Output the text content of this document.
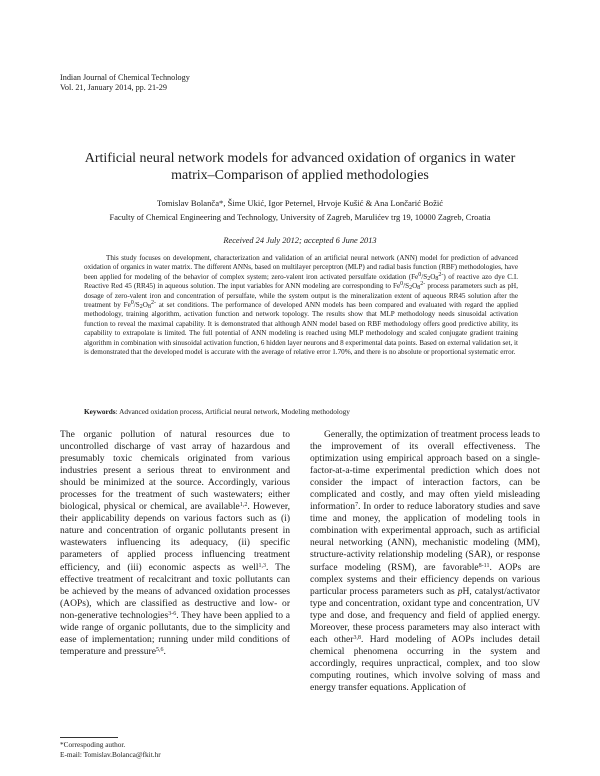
Indian Journal of Chemical Technology
Vol. 21, January 2014, pp. 21-29
Artificial neural network models for advanced oxidation of organics in water
matrix–Comparison of applied methodologies
Tomislav Bolanča*, Šime Ukić, Igor Peternel, Hrvoje Kušić & Ana Lončarić Božić
Faculty of Chemical Engineering and Technology, University of Zagreb, Marulićev trg 19, 10000 Zagreb, Croatia
Received 24 July 2012; accepted 6 June 2013
This study focuses on development, characterization and validation of an artificial neural network (ANN) model for prediction of advanced oxidation of organics in water matrix. The different ANNs, based on multilayer perceptron (MLP) and radial basis function (RBF) methodologies, have been applied for modeling of the behavior of complex system; zero-valent iron activated persulfate oxidation $(Fe^0/S_2O_8^{2-})$ of reactive azo dye C.I. Reactive Red 45 (RR45) in aqueous solution. The input variables for ANN modeling are corresponding to $Fe^0/S_2O_8^{2-}$ process parameters such as pH, dosage of zero-valent iron and concentration of persulfate, while the system output is the mineralization extent of aqueous RR45 solution after the treatment by $Fe^0/S_2O_8^{2-}$ at set conditions. The performance of developed ANN models has been compared and evaluated with regard the applied methodology, training algorithm, activation function and network topology. The results show that MLP methodology needs sinusoidal activation function to reveal the maximal capability. It is demonstrated that although ANN model based on RBF methodology offers good predictive ability, its capability to extrapolate is limited. The full potential of ANN modeling is reached using MLP methodology and scaled conjugate gradient training algorithm in combination with sinusoidal activation function, 6 hidden layer neurons and 8 experimental data points. Based on external validation set, it is demonstrated that the developed model is accurate with the average of relative error 1.70%, and there is no absolute or proportional systematic error.
Keywords: Advanced oxidation process, Artificial neural network, Modeling methodology

The organic pollution of natural resources due to uncontrolled discharge of vast array of hazardous and presumably toxic chemicals originated from various industries present a serious threat to environment and should be minimized at the source. Accordingly, various processes for the treatment of such wastewaters; either biological, physical or chemical, are available$^{1,2}$. However, their applicability depends on various factors such as (i) nature and concentration of organic pollutants present in wastewaters influencing its adequacy, (ii) specific parameters of applied process influencing treatment efficiency, and (iii) economic aspects as well$^{1,3}$. The effective treatment of recalcitrant and toxic pollutants can be achieved by the means of advanced oxidation processes (AOPs), which are classified as destructive and low- or non-generative technologies$^{3-6}$. They have been applied to a wide range of organic pollutants, due to the simplicity and ease of implementation; running under mild conditions of temperature and pressure$^{5,6}$.

Generally, the optimization of treatment process leads to the improvement of its overall effectiveness. The optimization using empirical approach based on a single-factor-at-a-time experimental prediction which does not consider the impact of interaction factors, can be complicated and costly, and may often yield misleading information$^7$. In order to reduce laboratory studies and save time and money, the application of modeling tools in combination with experimental approach, such as artificial neural networking (ANN), mechanistic modeling (MM), structure-activity relationship modeling (SAR), or response surface modeling (RSM), are favorable$^{8-11}$. AOPs are complex systems and their efficiency depends on various particular process parameters such as pH, catalyst/activator type and concentration, oxidant type and concentration, UV type and dose, and frequency and field of applied energy. Moreover, these process parameters may also interact with each other$^{3,8}$. Hard modeling of AOPs includes detail chemical phenomena occurring in the system and accordingly, requires unpractical, complex, and too slow computing routines, which involve solving of mass and energy transfer equations. Application of

*Correspoding author.
E-mail: Tomislav.Bolanca@fkit.hr
